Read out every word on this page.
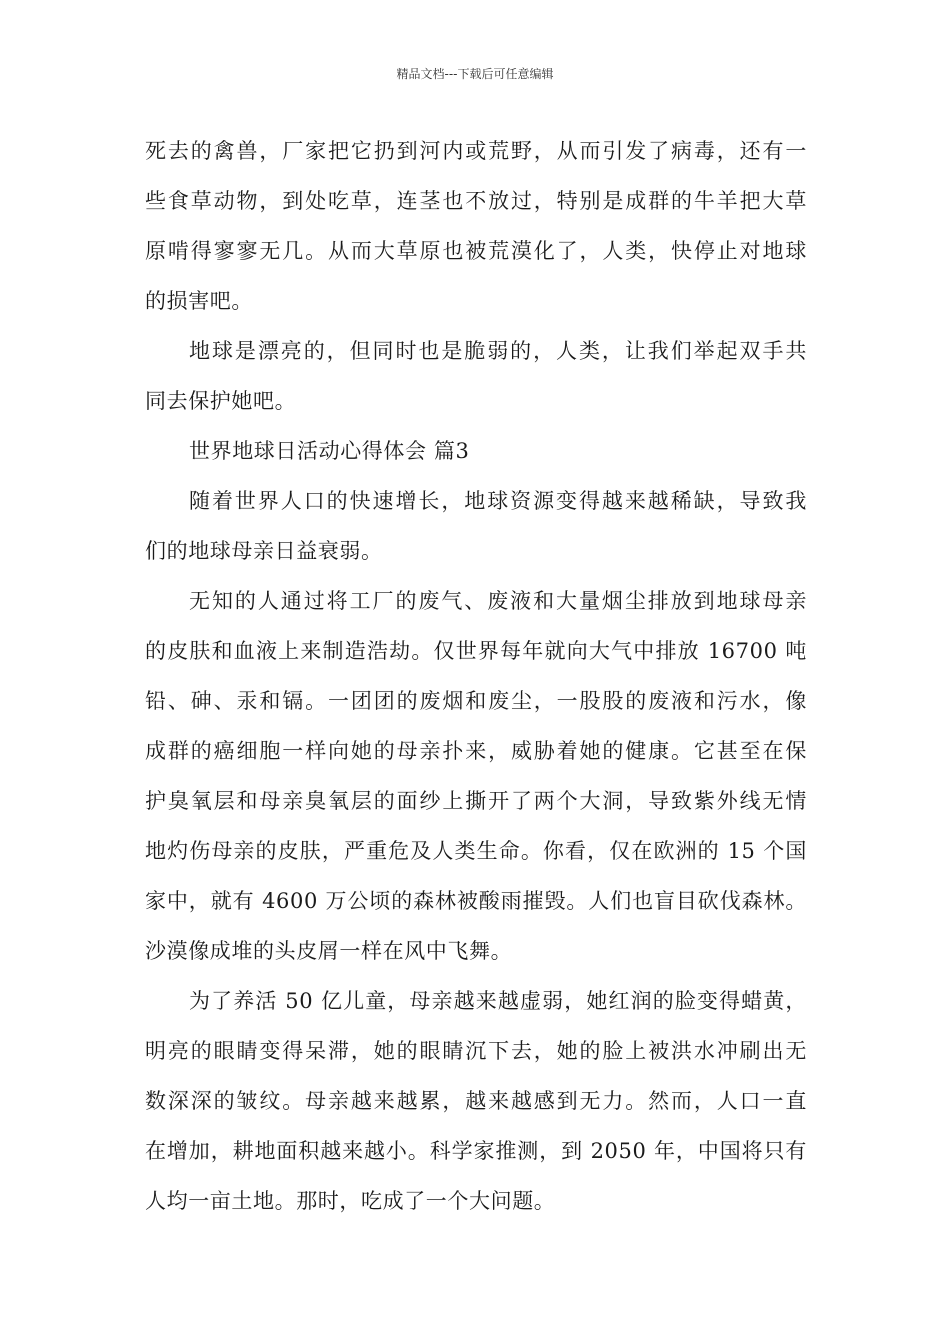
精品文档---下载后可任意编辑

死去的禽兽，厂家把它扔到河内或荒野，从而引发了病毒，还有一
些食草动物，到处吃草，连茎也不放过，特别是成群的牛羊把大草
原啃得寥寥无几。从而大草原也被荒漠化了，人类，快停止对地球
的损害吧。

地球是漂亮的，但同时也是脆弱的，人类，让我们举起双手共
同去保护她吧。

世界地球日活动心得体会 篇3

随着世界人口的快速增长，地球资源变得越来越稀缺，导致我
们的地球母亲日益衰弱。

无知的人通过将工厂的废气、废液和大量烟尘排放到地球母亲
的皮肤和血液上来制造浩劫。仅世界每年就向大气中排放 16700 吨
铅、砷、汞和镉。一团团的废烟和废尘，一股股的废液和污水，像
成群的癌细胞一样向她的母亲扑来，威胁着她的健康。它甚至在保
护臭氧层和母亲臭氧层的面纱上撕开了两个大洞，导致紫外线无情
地灼伤母亲的皮肤，严重危及人类生命。你看，仅在欧洲的 15 个国
家中，就有 4600 万公顷的森林被酸雨摧毁。人们也盲目砍伐森林。
沙漠像成堆的头皮屑一样在风中飞舞。

为了养活 50 亿儿童，母亲越来越虚弱，她红润的脸变得蜡黄，
明亮的眼睛变得呆滞，她的眼睛沉下去，她的脸上被洪水冲刷出无
数深深的皱纹。母亲越来越累，越来越感到无力。然而，人口一直
在增加，耕地面积越来越小。科学家推测，到 2050 年，中国将只有
人均一亩土地。那时，吃成了一个大问题。
